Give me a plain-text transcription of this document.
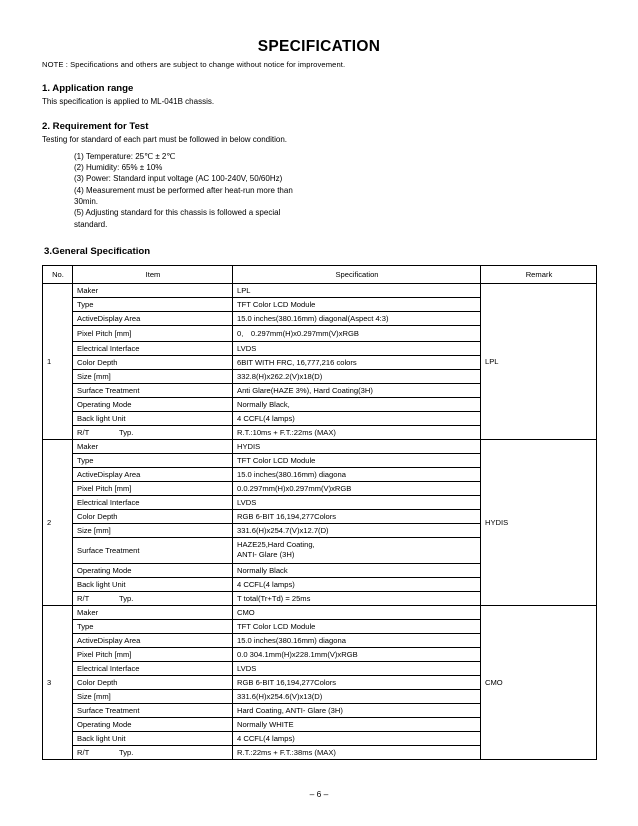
SPECIFICATION

NOTE : Specifications and others are subject to change without notice for improvement.

1. Application range

This specification is applied to ML-041B chassis.

2. Requirement for Test

Testing for standard of each part must be followed in below condition.

(1) Temperature: 25℃ ± 2℃
(2) Humidity: 65% ± 10%
(3) Power: Standard input voltage (AC 100-240V, 50/60Hz)
(4) Measurement must be performed after heat-run more than
30min.
(5) Adjusting standard for this chassis is followed a special
standard.
3.General Specification
No.	Item	Specification	Remark
1	Maker	LPL	LPL
	Type	TFT Color LCD Module	
	ActiveDisplay Area	15.0 inches(380.16mm) diagonal(Aspect 4:3)	
	Pixel Pitch [mm]	0． 0.297mm(H)x0.297mm(V)xRGB	
	Electrical Interface	LVDS	
	Color Depth	6BIT WITH FRC, 16,777,216 colors	
	Size [mm]	332.8(H)x262.2(V)x18(D)	
	Surface Treatment	Anti Glare(HAZE 3%), Hard Coating(3H)	
	Operating Mode	Normally Black,	
	Back light Unit	4 CCFL(4 lamps)	

	R/T Typ.	R.T.:10ms + F.T.:22ms (MAX)	
2	Maker	HYDIS	HYDIS
	Type	TFT Color LCD Module	
	ActiveDisplay Area	15.0 inches(380.16mm) diagona	
	Pixel Pitch [mm]	0.0.297mm(H)x0.297mm(V)xRGB	
	Electrical Interface	LVDS	
	Color Depth	RGB 6-BIT 16,194,277Colors	
	Size [mm]	331.6(H)x254.7(V)x12.7(D)	
	Surface Treatment	HAZE25,Hard Coating,
ANTI- Glare (3H)	
	Operating Mode	Normally Black	
	Back light Unit	4 CCFL(4 lamps)	

	R/T Typ.	T total(Tr+Td) = 25ms	
3	Maker	CMO	CMO
	Type	TFT Color LCD Module	
	ActiveDisplay Area	15.0 inches(380.16mm) diagona	
	Pixel Pitch [mm]	0.0 304.1mm(H)x228.1mm(V)xRGB	
	Electrical Interface	LVDS	
	Color Depth	RGB 6-BIT 16,194,277Colors	
	Size [mm]	331.6(H)x254.6(V)x13(D)	
	Surface Treatment	Hard Coating, ANTI- Glare (3H)	
	Operating Mode	Normally WHITE	
	Back light Unit	4 CCFL(4 lamps)	

	R/T Typ.	R.T.:22ms + F.T.:38ms (MAX)	
– 6 –
